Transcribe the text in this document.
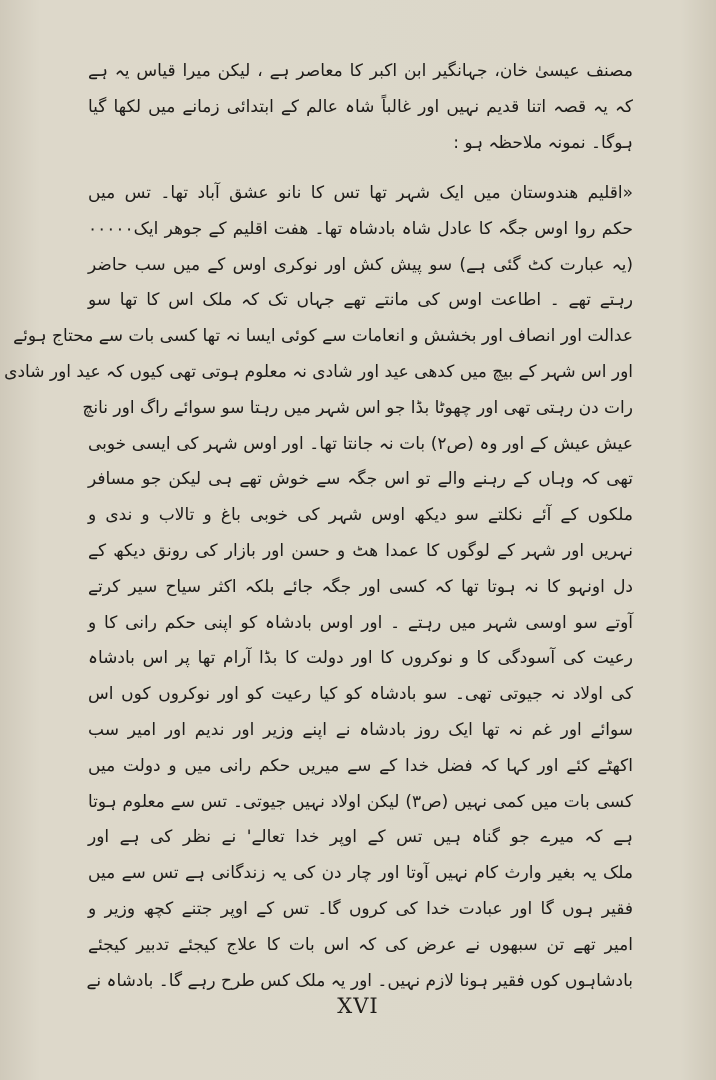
مصنف عیسیٰ خان، جہانگیر ابن اکبر کا معاصر ہے ، لیکن میرا قیاس یہ ہے
کہ یہ قصہ اتنا قدیم نہیں اور غالباً شاہ عالم کے ابتدائی زمانے میں لکھا گیا
ہوگا۔ نمونہ ملاحظہ ہو :
«اقلیم هندوستان میں ایک شہر تھا تس کا نانو عشق آباد تھا۔ تس میں
حکم روا اوس جگہ کا عادل شاہ بادشاہ تھا۔ ھفت اقلیم کے جوھر ایک۰۰۰۰۰
(یہ عبارت کٹ گئی ہے) سو پیش کش اور نوکری اوس کے میں سب حاضر
رہتے تھے ۔ اطاعت اوس کی مانتے تھے جہاں تک کہ ملک اس کا تھا سو
عدالت اور انصاف اور بخشش و انعامات سے کوئی ایسا نہ تھا کسی بات سے محتاج ہوئے
اور اس شہر کے بیچ میں کدھی عید اور شادی نہ معلوم ہوتی تھی کیوں کہ عید اور شادی
رات دن رہتی تھی اور چھوٹا بڈا جو اس شہر میں رہتا سو سوائے راگ اور نانچ
عیش عیش کے اور وہ (ص۲) بات نہ جانتا تھا۔ اور اوس شہر کی ایسی خوبی
تھی کہ وہاں کے رہنے والے تو اس جگہ سے خوش تھے ہی لیکن جو مسافر
ملکوں کے آئے نکلتے سو دیکھ اوس شہر کی خوبی باغ و تالاب و ندی و
نہریں اور شہر کے لوگوں کا عمدا ھٹ و حسن اور بازار کی رونق دیکھ کے
دل اونہو کا نہ ہوتا تھا کہ کسی اور جگہ جائے بلکہ اکثر سیاح سیر کرتے
آوتے سو اوسی شہر میں رہتے ۔ اور اوس بادشاہ کو اپنی حکم رانی کا و
رعیت کی آسودگی کا و نوکروں کا اور دولت کا بڈا آرام تھا پر اس بادشاہ
کی اولاد نہ جیوتی تھی۔ سو بادشاہ کو کیا رعیت کو اور نوکروں کوں اس
سوائے اور غم نہ تھا ایک روز بادشاہ نے اپنے وزیر اور ندیم اور امیر سب
اکھٹے کئے اور کہا کہ فضل خدا کے سے میریں حکم رانی میں و دولت میں
کسی بات میں کمی نہیں (ص۳) لیکن اولاد نہیں جیوتی۔ تس سے معلوم ہوتا
ہے کہ میرے جو گناہ ہیں تس کے اوپر خدا تعالے' نے نظر کی ہے اور
ملک یہ بغیر وارث کام نہیں آوتا اور چار دن کی یہ زندگانی ہے تس سے میں
فقیر ہوں گا اور عبادت خدا کی کروں گا۔ تس کے اوپر جتنے کچھ وزیر و
امیر تھے تن سبھوں نے عرض کی کہ اس بات کا علاج کیجئے تدبیر کیجئے
بادشاہوں کوں فقیر ہونا لازم نہیں۔ اور یہ ملک کس طرح رہے گا۔ بادشاہ نے
XVI
